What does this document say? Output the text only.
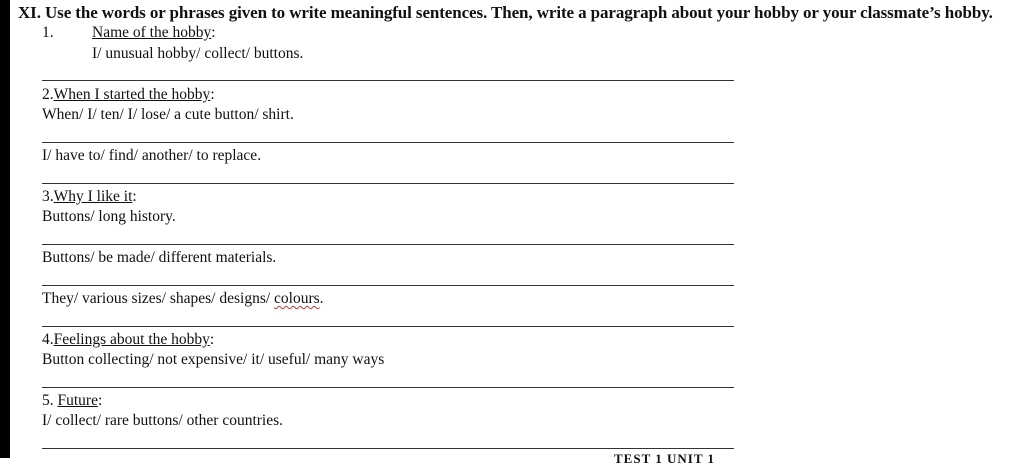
XI. Use the words or phrases given to write meaningful sentences. Then, write a paragraph about your hobby or your classmate’s hobby.
1. Name of the hobby:
I/ unusual hobby/ collect/ buttons.
2.When I started the hobby:
When/ I/ ten/ I/ lose/ a cute button/ shirt.
I/ have to/ find/ another/ to replace.
3.Why I like it:
Buttons/ long history.
Buttons/ be made/ different materials.
They/ various sizes/ shapes/ designs/ colours.
4.Feelings about the hobby:
Button collecting/ not expensive/ it/ useful/ many ways
5. Future:
I/ collect/ rare buttons/ other countries.
TEST 1 UNIT 1
